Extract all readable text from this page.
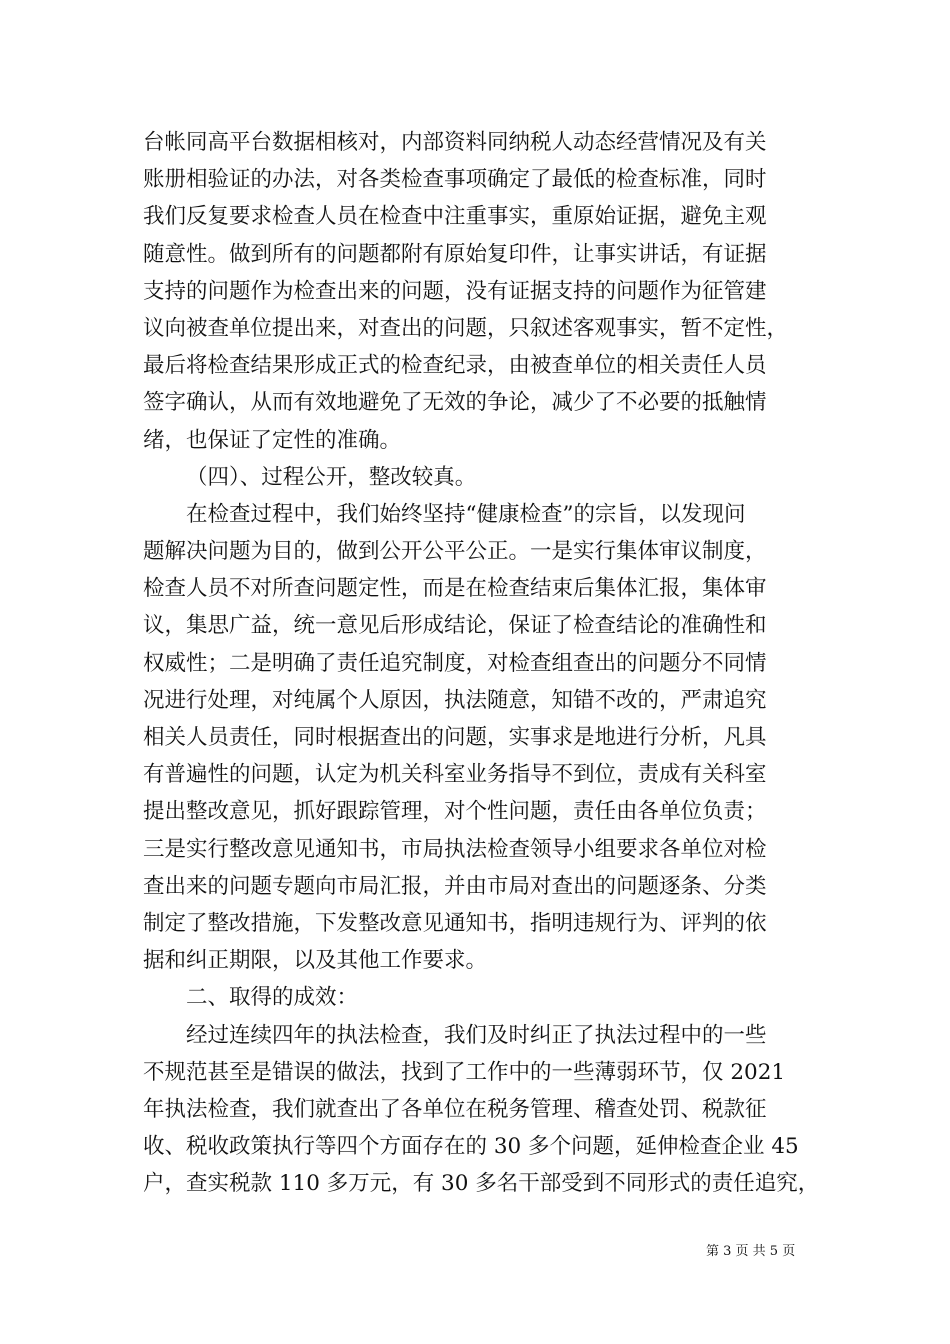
台帐同高平台数据相核对，内部资料同纳税人动态经营情况及有关
账册相验证的办法，对各类检查事项确定了最低的检查标准，同时
我们反复要求检查人员在检查中注重事实，重原始证据，避免主观
随意性。做到所有的问题都附有原始复印件，让事实讲话，有证据
支持的问题作为检查出来的问题，没有证据支持的问题作为征管建
议向被查单位提出来，对查出的问题，只叙述客观事实，暂不定性，
最后将检查结果形成正式的检查纪录，由被查单位的相关责任人员
签字确认，从而有效地避免了无效的争论，减少了不必要的抵触情
绪，也保证了定性的准确。
（四）、过程公开，整改较真。
在检查过程中，我们始终坚持“健康检查”的宗旨，以发现问
题解决问题为目的，做到公开公平公正。一是实行集体审议制度，
检查人员不对所查问题定性，而是在检查结束后集体汇报，集体审
议，集思广益，统一意见后形成结论，保证了检查结论的准确性和
权威性；二是明确了责任追究制度，对检查组查出的问题分不同情
况进行处理，对纯属个人原因，执法随意，知错不改的，严肃追究
相关人员责任，同时根据查出的问题，实事求是地进行分析，凡具
有普遍性的问题，认定为机关科室业务指导不到位，责成有关科室
提出整改意见，抓好跟踪管理，对个性问题，责任由各单位负责；
三是实行整改意见通知书，市局执法检查领导小组要求各单位对检
查出来的问题专题向市局汇报，并由市局对查出的问题逐条、分类
制定了整改措施，下发整改意见通知书，指明违规行为、评判的依
据和纠正期限，以及其他工作要求。
二、取得的成效：
经过连续四年的执法检查，我们及时纠正了执法过程中的一些
不规范甚至是错误的做法，找到了工作中的一些薄弱环节，仅 2021
年执法检查，我们就查出了各单位在税务管理、稽查处罚、税款征
收、税收政策执行等四个方面存在的 30 多个问题，延伸检查企业 45
户，查实税款 110 多万元，有 30 多名干部受到不同形式的责任追究，
第 3 页 共 5 页
